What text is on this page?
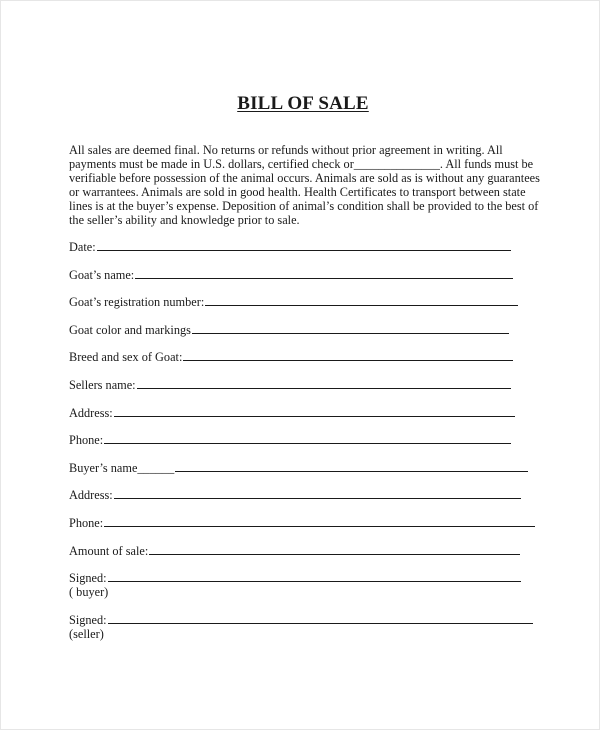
BILL OF SALE
All sales are deemed final. No returns or refunds without prior agreement in writing. All
payments must be made in U.S. dollars, certified check or______________. All funds must be
verifiable before possession of the animal occurs. Animals are sold as is without any guarantees
or warrantees. Animals are sold in good health. Health Certificates to transport between state
lines is at the buyer’s expense. Deposition of animal’s condition shall be provided to the best of
the seller’s ability and knowledge prior to sale.
Date:
Goat’s name:
Goat’s registration number:
Goat color and markings
Breed and sex of Goat:
Sellers name:
Address:
Phone:
Buyer’s name______
Address:
Phone:
Amount of sale:
Signed:
( buyer)
Signed:
(seller)
